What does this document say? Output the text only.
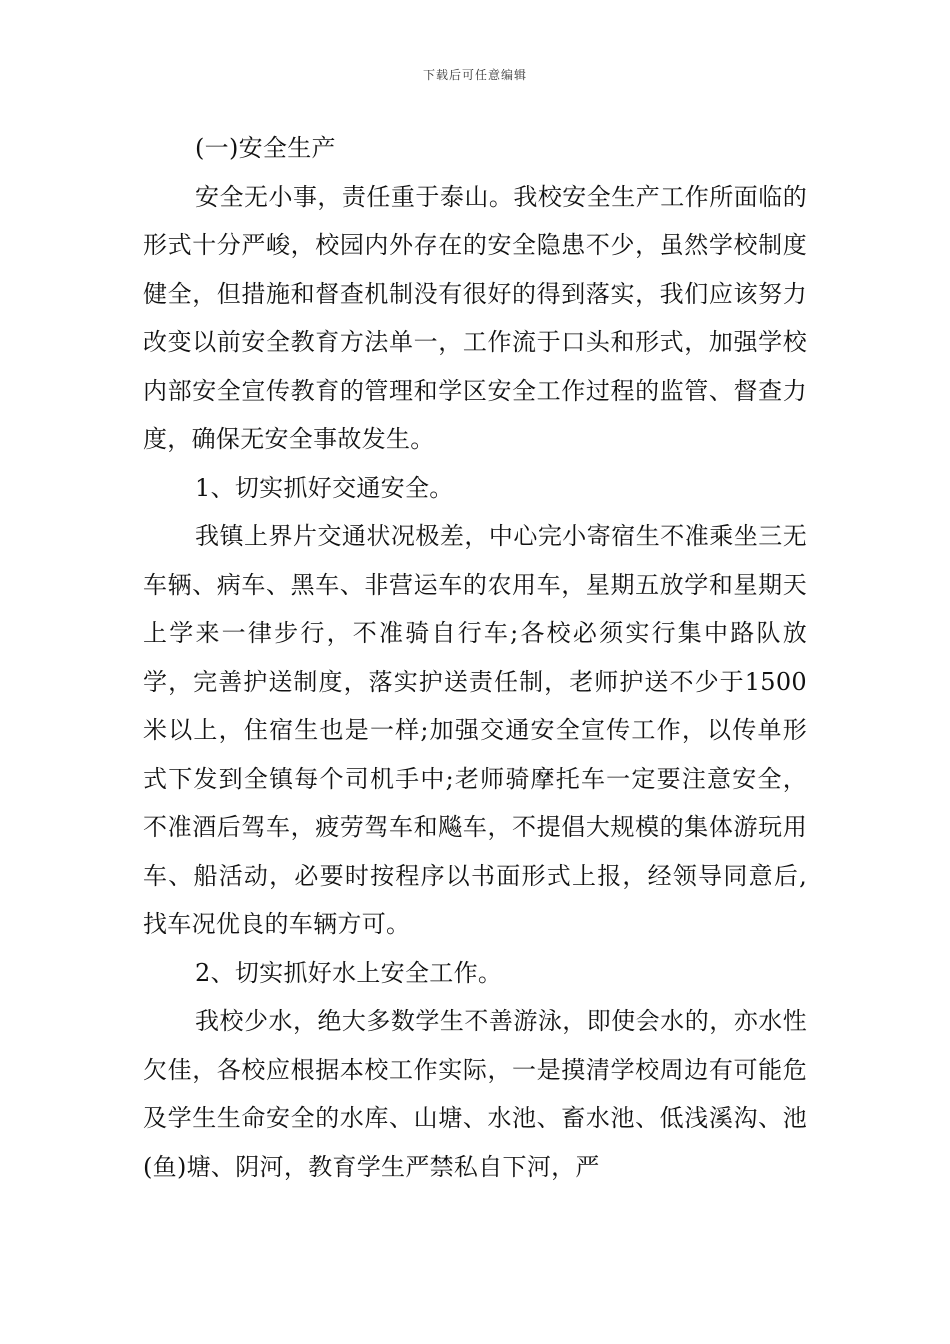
下载后可任意编辑

(一)安全生产

安全无小事，责任重于泰山。我校安全生产工作所面临的形式十分严峻，校园内外存在的安全隐患不少，虽然学校制度健全，但措施和督查机制没有很好的得到落实，我们应该努力改变以前安全教育方法单一，工作流于口头和形式，加强学校内部安全宣传教育的管理和学区安全工作过程的监管、督查力度，确保无安全事故发生。

1、切实抓好交通安全。

我镇上界片交通状况极差，中心完小寄宿生不准乘坐三无车辆、病车、黑车、非营运车的农用车，星期五放学和星期天上学来一律步行，不准骑自行车;各校必须实行集中路队放学，完善护送制度，落实护送责任制，老师护送不少于1500米以上，住宿生也是一样;加强交通安全宣传工作，以传单形式下发到全镇每个司机手中;老师骑摩托车一定要注意安全，不准酒后驾车，疲劳驾车和飚车，不提倡大规模的集体游玩用车、船活动，必要时按程序以书面形式上报，经领导同意后,找车况优良的车辆方可。

2、切实抓好水上安全工作。

我校少水，绝大多数学生不善游泳，即使会水的，亦水性欠佳，各校应根据本校工作实际，一是摸清学校周边有可能危及学生生命安全的水库、山塘、水池、畜水池、低浅溪沟、池(鱼)塘、阴河，教育学生严禁私自下河，严
